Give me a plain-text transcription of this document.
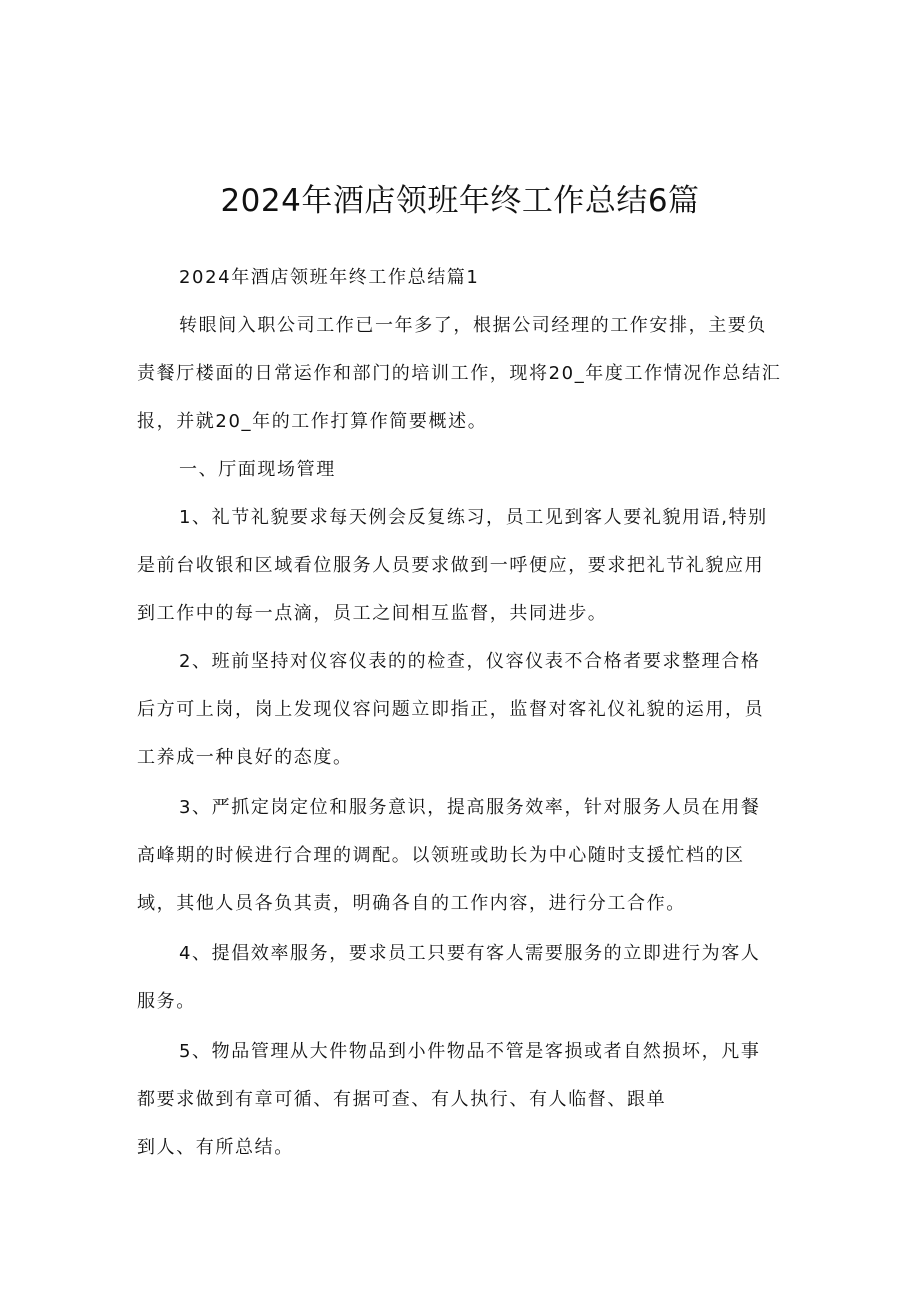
2024年酒店领班年终工作总结6篇
2024年酒店领班年终工作总结篇1
转眼间入职公司工作已一年多了，根据公司经理的工作安排，主要负
责餐厅楼面的日常运作和部门的培训工作，现将20_年度工作情况作总结汇
报，并就20_年的工作打算作简要概述。
一、厅面现场管理
1、礼节礼貌要求每天例会反复练习，员工见到客人要礼貌用语,特别
是前台收银和区域看位服务人员要求做到一呼便应，要求把礼节礼貌应用
到工作中的每一点滴，员工之间相互监督，共同进步。
2、班前坚持对仪容仪表的的检查，仪容仪表不合格者要求整理合格
后方可上岗，岗上发现仪容问题立即指正，监督对客礼仪礼貌的运用，员
工养成一种良好的态度。
3、严抓定岗定位和服务意识，提高服务效率，针对服务人员在用餐
高峰期的时候进行合理的调配。以领班或助长为中心随时支援忙档的区
域，其他人员各负其责，明确各自的工作内容，进行分工合作。
4、提倡效率服务，要求员工只要有客人需要服务的立即进行为客人
服务。
5、物品管理从大件物品到小件物品不管是客损或者自然损坏，凡事
都要求做到有章可循、有据可查、有人执行、有人临督、跟单
到人、有所总结。
